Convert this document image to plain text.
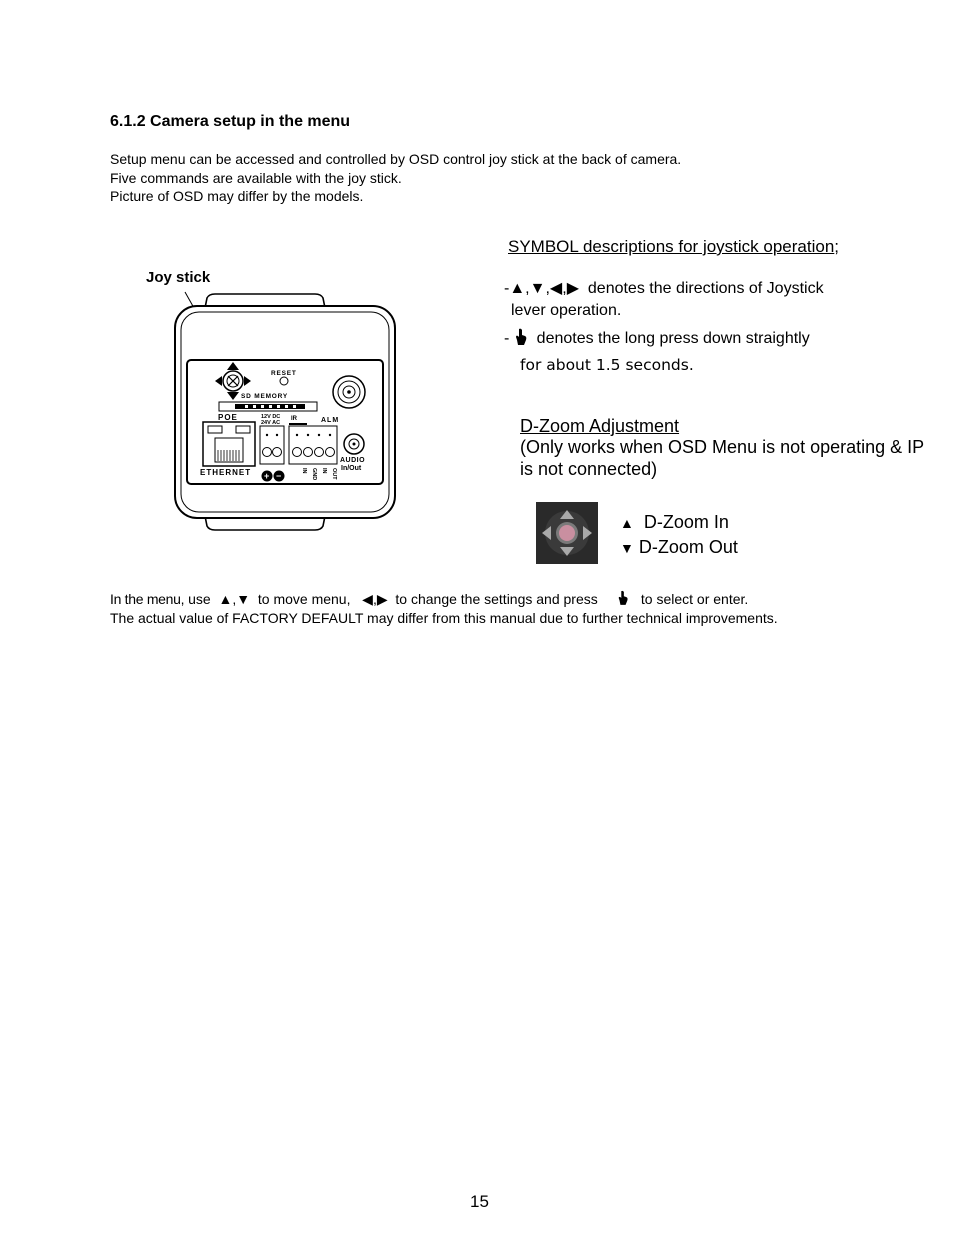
6.1.2 Camera setup in the menu
Setup menu can be accessed and controlled by OSD control joy stick at the back of camera.
Five commands are available with the joy stick.
Picture of OSD may differ by the models.
Joy stick
RESET
SD MEMORY
POE
ETHERNET + −
12V DC
24V AC
IR	ALM
IN GND IN OUT
AUDIO
In/Out
SYMBOL descriptions for joystick operation;
-▲,▼,◀,▶ denotes the directions of Joystick
lever operation.
- denotes the long press down straightly
for about 1.5 seconds.
D-Zoom Adjustment
(Only works when OSD Menu is not operating & IP is not connected)
▲ D-Zoom In
▼ D-Zoom Out
In the menu, use ▲,▼ to move menu, ◀,▶ to change the settings and press	to select or enter.
The actual value of FACTORY DEFAULT may differ from this manual due to further technical improvements.
15
